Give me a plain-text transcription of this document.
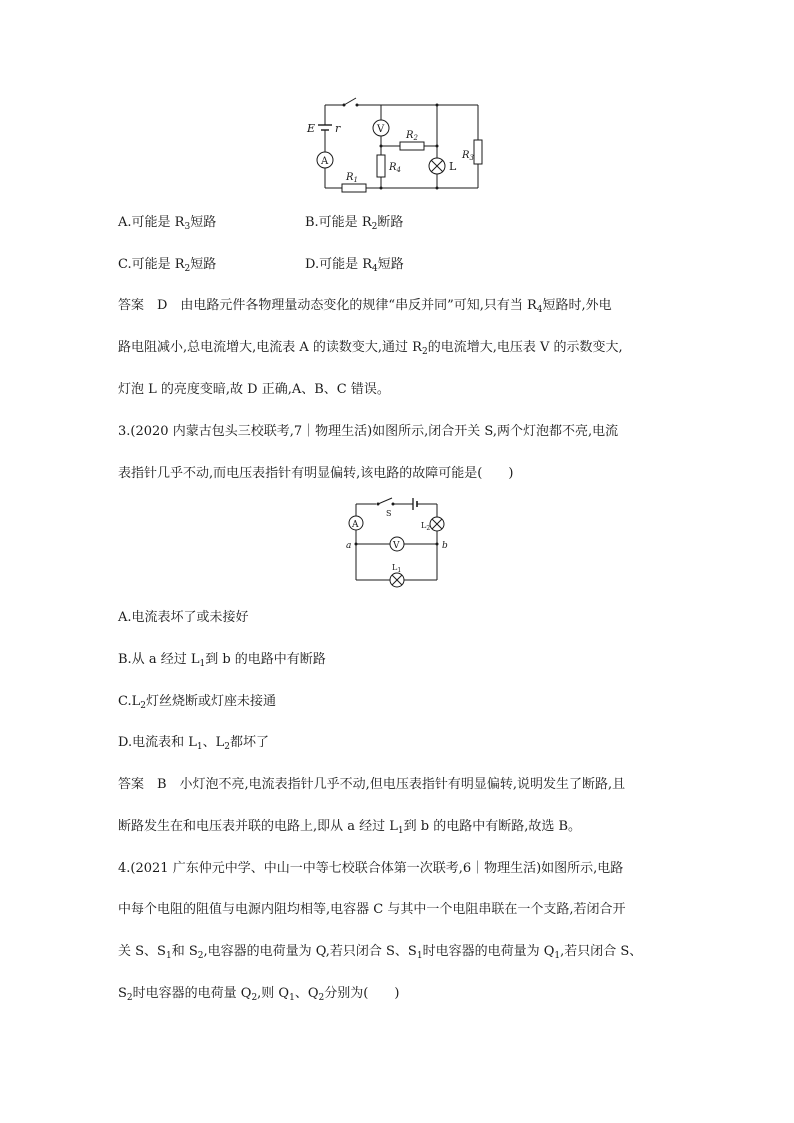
E r
A
$R_1$
V
$R_4$
$R_2$
L
$R_3$
A.可能是 $R_3$短路	B.可能是 $R_2$断路
C.可能是 $R_2$短路	D.可能是 $R_4$短路
答案　D　由电路元件各物理量动态变化的规律“串反并同”可知,只有当 $R_4$短路时,外电
路电阻减小,总电流增大,电流表 A 的读数变大,通过 $R_2$的电流增大,电压表 V 的示数变大,
灯泡 L 的亮度变暗,故 D 正确,A、B、C 错误。
3.(2020 内蒙古包头三校联考,7｜物理生活)如图所示,闭合开关 S,两个灯泡都不亮,电流
表指针几乎不动,而电压表指针有明显偏转,该电路的故障可能是(　　)
S
A	$L_2$
V
a	b
$L_1$
A.电流表坏了或未接好
B.从 a 经过 $L_1$到 b 的电路中有断路
$C.L_2$灯丝烧断或灯座未接通
D.电流表和 $L_1$、$L_2$都坏了
答案　B　小灯泡不亮,电流表指针几乎不动,但电压表指针有明显偏转,说明发生了断路,且
断路发生在和电压表并联的电路上,即从 a 经过 $L_1$到 b 的电路中有断路,故选 B。
4.(2021 广东仲元中学、中山一中等七校联合体第一次联考,6｜物理生活)如图所示,电路
中每个电阻的阻值与电源内阻均相等,电容器 C 与其中一个电阻串联在一个支路,若闭合开
关 S、$S_1$和 $S_2$,电容器的电荷量为 Q,若只闭合 S、$S_1$时电容器的电荷量为 $Q_1$,若只闭合 S、
$S_2$时电容器的电荷量 $Q_2$,则 $Q_1$、$Q_2$分别为(　　)
